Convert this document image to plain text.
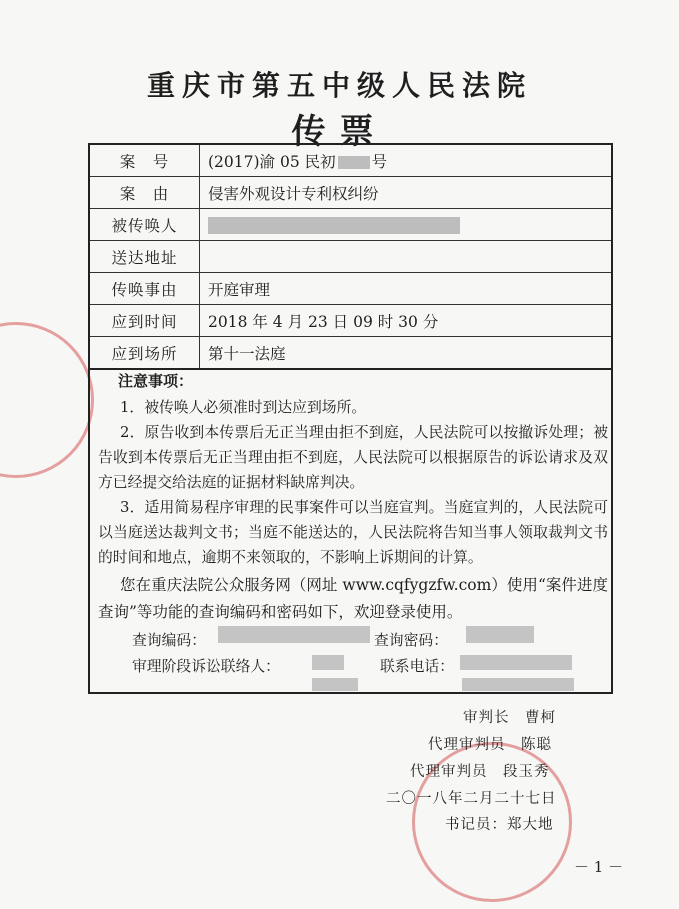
重庆市第五中级人民法院
传票
案　号	(2017)渝 05 民初 号
案　由	侵害外观设计专利权纠纷
被传唤人	
送达地址	
传唤事由	开庭审理
应到时间	2018 年 4 月 23 日 09 时 30 分
应到场所	第十一法庭
注意事项：
1．被传唤人必须准时到达应到场所。
2．原告收到本传票后无正当理由拒不到庭，人民法院可以按撤诉处理；被告收到本传票后无正当理由拒不到庭，人民法院可以根据原告的诉讼请求及双方已经提交给法庭的证据材料缺席判决。
3．适用简易程序审理的民事案件可以当庭宣判。当庭宣判的，人民法院可以当庭送达裁判文书；当庭不能送达的，人民法院将告知当事人领取裁判文书的时间和地点，逾期不来领取的，不影响上诉期间的计算。
您在重庆法院公众服务网（网址 www.cqfygzfw.com）使用“案件进度查询”等功能的查询编码和密码如下，欢迎登录使用。
查询编码：	查询密码：
审理阶段诉讼联络人：	联系电话：
审判长　曹柯
代理审判员　陈聪
代理审判员　段玉秀
二〇一八年二月二十七日
书记员：郑大地
－ 1 －
